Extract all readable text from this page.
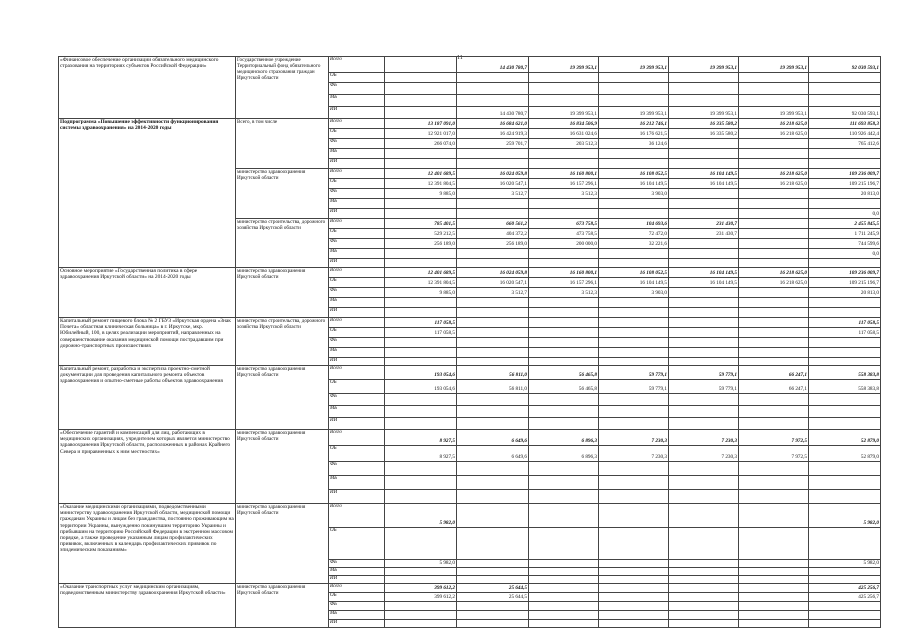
11
«Финансовое обеспечение организации обязательного медицинского страхования на территориях субъектов Российской Федерации»	Государственное учреждение Территориальный фонд обязательного медицинского страхования граждан Иркутской области	Всего		14 430 780,7	19 399 953,1	19 399 953,1	19 399 953,1	19 399 953,1	92 030 593,1
		ОБ							
		ФБ							
		МБ							
		ИИ		14 430 780,7	19 399 953,1	19 399 953,1	19 399 953,1	19 399 953,1	92 030 593,1
Подпрограмма «Повышение эффективности функционирования системы здравоохранения» на 2014-2020 годы	Всего, в том числе	Всего	13 187 091,0	16 684 621,0	16 834 506,9	16 212 746,1	16 335 580,2	16 218 625,0	111 693 858,3
		ОБ	12 921 017,0	16 424 919,3	16 631 024,6	16 176 621,5	16 335 580,2	16 218 625,0	110 926 442,4
		ФБ	266 074,0	259 701,7	203 512,3	36 124,6			765 412,6
		МБ							
		ИИ							
	министерство здравоохранения Иркутской области	Всего	12 401 689,5	16 024 059,8	16 160 800,1	16 108 052,5	16 104 149,5	16 218 625,0	109 236 009,7
		ОБ	12 391 804,5	16 020 547,1	16 157 296,1	16 104 149,5	16 104 149,5	16 218 625,0	109 215 196,7
		ФБ	9 885,0	3 512,7	3 512,3	3 903,0			20 813,0
		МБ							
		ИИ							0,0
	министерство строительства, дорожного хозяйства Иркутской области	Всего	785 401,5	660 561,2	673 758,5	104 693,6	231 430,7		2 455 845,5
		ОБ	529 212,5	404 372,2	473 758,5	72 472,0	231 430,7		1 711 245,9
		ФБ	256 189,0	256 189,0	200 000,0	32 221,6			744 599,6
		МБ							0,0
		ИИ							
Основное мероприятие «Государственная политика в сфере здравоохранения Иркутской области» на 2014-2020 годы	министерство здравоохранения Иркутской области	Всего	12 401 689,5	16 024 059,8	16 160 800,1	16 108 052,5	16 104 149,5	16 218 625,0	109 236 009,7
		ОБ	12 391 804,5	16 020 547,1	16 157 296,1	16 104 149,5	16 104 149,5	16 218 625,0	109 215 196,7
		ФБ	9 885,0	3 512,7	3 512,3	3 903,0			20 813,0
		МБ							
		ИИ							
Капитальный ремонт пищевого блока № 2 ГБУЗ «Иркутская ордена «Знак Почета» областная клиническая больница» в г. Иркутске, мкр. Юбилейный, 100, в целях реализации мероприятий, направленных на совершенствование оказания медицинской помощи пострадавшим при дорожно-транспортных происшествиях	министерство строительства, дорожного хозяйства Иркутской области	Всего	117 058,5						117 058,5
		ОБ	117 058,5						117 058,5
		ФБ							
		МБ							
		ИИ							
Капитальный ремонт, разработка и экспертиза проектно-сметной документации для проведения капитального ремонта объектов здравоохранения и опытно-сметные работы объектов здравоохранения	министерство здравоохранения Иркутской области	Всего	193 054,6	56 811,0	56 465,8	59 779,1	59 779,1	66 247,1	558 383,8
		ОБ	193 054,6	56 811,0	56 465,8	59 779,1	59 779,1	66 247,1	558 383,8
		ФБ							
		МБ							
		ИИ							
«Обеспечение гарантий и компенсаций для лиц, работающих в медицинских организациях, учредителем которых является министерство здравоохранения Иркутской области, расположенных в районах Крайнего Севера и приравненных к ним местностях»	министерство здравоохранения Иркутской области	Всего	8 927,5	6 649,6	6 896,3	7 230,3	7 230,3	7 972,5	52 879,0
		ОБ	8 927,5	6 649,6	6 896,3	7 230,3	7 230,3	7 972,5	52 879,0
		ФБ							
		МБ							
		ИИ							
«Оказание медицинскими организациями, подведомственными министерству здравоохранения Иркутской области, медицинской помощи гражданам Украины и лицам без гражданства, постоянно проживающим на территории Украины, вынужденно покинувшим территорию Украины и прибывшим на территорию Российской Федерации в экстренном массовом порядке, а также проведение указанным лицам профилактических прививок, включенных в календарь профилактических прививок по эпидемическим показаниям»	министерство здравоохранения Иркутской области	Всего	5 982,0						5 982,0
		ОБ							
		ФБ	5 982,0						5 982,0
		МБ							
		ИИ							
«Оказание транспортных услуг медицинским организациям, подведомственным министерству здравоохранения Иркутской области»	министерство здравоохранения Иркутской области	Всего	399 612,2	25 644,5					425 256,7
		ОБ	399 612,2	25 644,5					425 256,7
		ФБ							
		МБ							
		ИИ							
